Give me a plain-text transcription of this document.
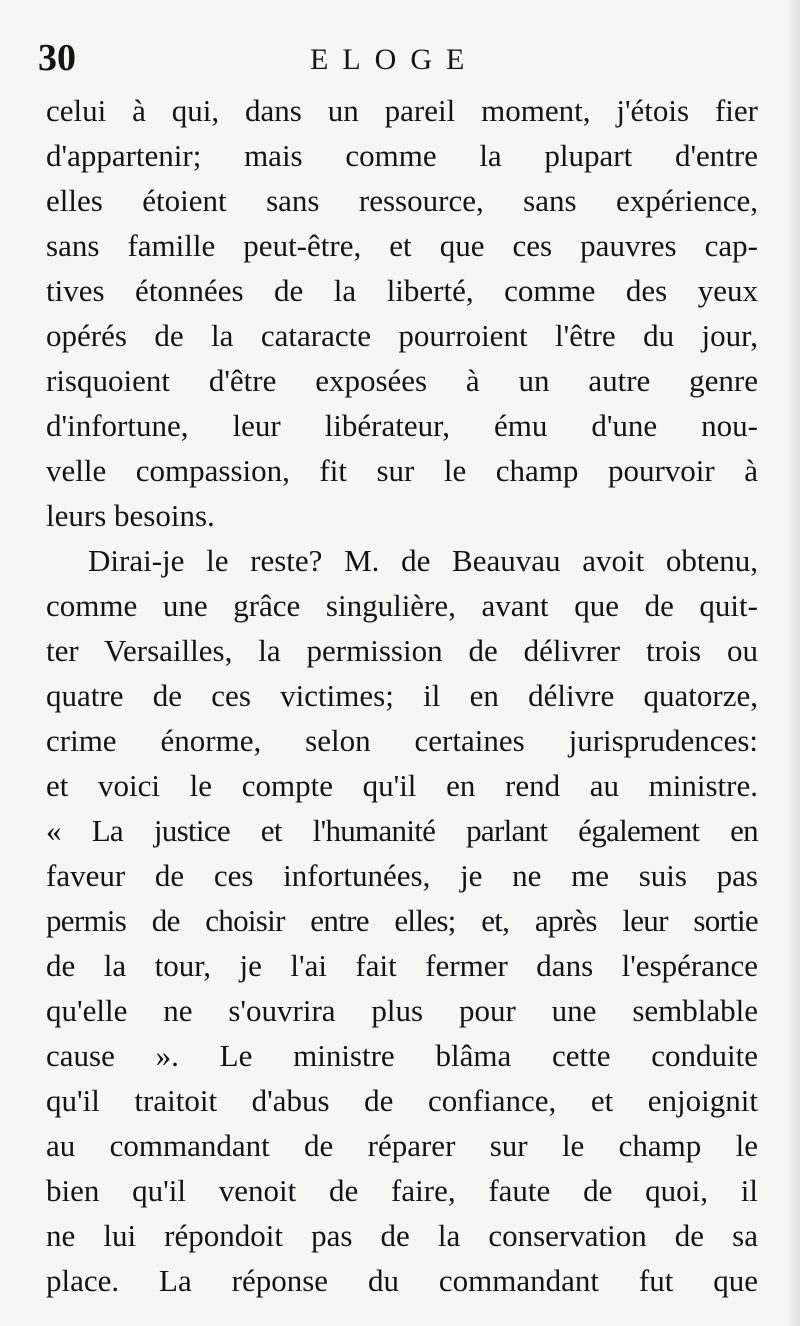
30	ELOGE
celui à qui, dans un pareil moment, j'étois fier
d'appartenir; mais comme la plupart d'entre
elles étoient sans ressource, sans expérience,
sans famille peut-être, et que ces pauvres cap-
tives étonnées de la liberté, comme des yeux
opérés de la cataracte pourroient l'être du jour,
risquoient d'être exposées à un autre genre
d'infortune, leur libérateur, ému d'une nou-
velle compassion, fit sur le champ pourvoir à
leurs besoins.
Dirai-je le reste? M. de Beauvau avoit obtenu,
comme une grâce singulière, avant que de quit-
ter Versailles, la permission de délivrer trois ou
quatre de ces victimes; il en délivre quatorze,
crime énorme, selon certaines jurisprudences:
et voici le compte qu'il en rend au ministre.
« La justice et l'humanité parlant également en
faveur de ces infortunées, je ne me suis pas
permis de choisir entre elles; et, après leur sortie
de la tour, je l'ai fait fermer dans l'espérance
qu'elle ne s'ouvrira plus pour une semblable
cause ». Le ministre blâma cette conduite
qu'il traitoit d'abus de confiance, et enjoignit
au commandant de réparer sur le champ le
bien qu'il venoit de faire, faute de quoi, il
ne lui répondoit pas de la conservation de sa
place. La réponse du commandant fut que
